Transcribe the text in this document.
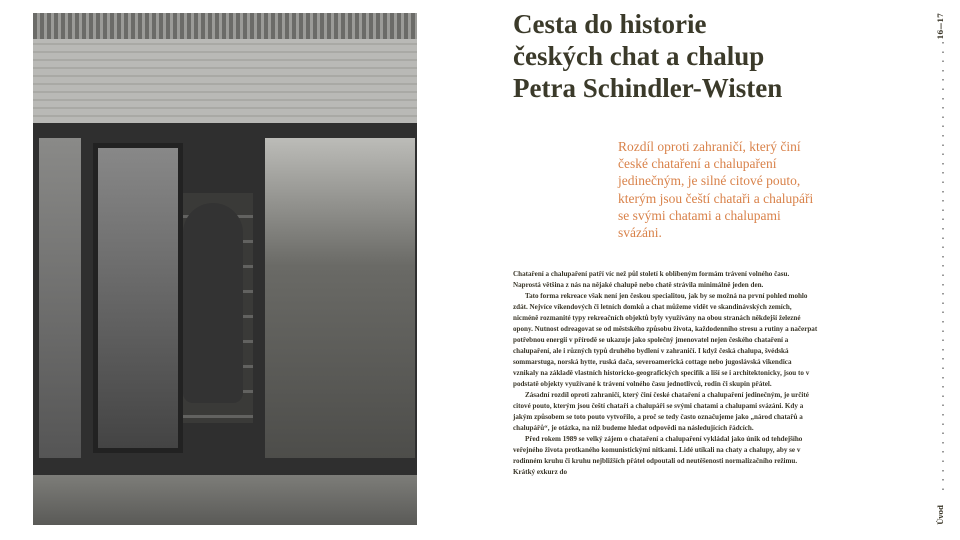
Cesta do historie
českých chat a chalup
Petra Schindler-Wisten
Rozdíl oproti zahraničí, který činí české chataření a chalupaření jedinečným, je silné citové pouto, kterým jsou čeští chataři a chalupáři se svými chatami a chalupami svázáni.

Chataření a chalupaření patří víc než půl století k oblíbeným formám trávení volného času. Naprostá většina z nás na nějaké chalupě nebo chatě strávila minimálně jeden den.

Tato forma rekreace však není jen českou specialitou, jak by se možná na první pohled mohlo zdát. Nejvíce víkendových či letních domků a chat můžeme vidět ve skandinávských zemích, nicméně rozmanité typy rekreačních objektů byly využívány na obou stranách někdejší železné opony. Nutnost odreagovat se od městského způsobu života, každodenního stresu a rutiny a načerpat potřebnou energii v přírodě se ukazuje jako společný jmenovatel nejen českého chataření a chalupaření, ale i různých typů druhého bydlení v zahraničí. I když česká chalupa, švédská sommarstuga, norská hytte, ruská dača, severoamerická cottage nebo jugoslávská vikendica vznikaly na základě vlastních historicko-geografických specifik a liší se i architektonicky, jsou to v podstatě objekty využívané k trávení volného času jednotlivců, rodin či skupin přátel.

Zásadní rozdíl oproti zahraničí, který činí české chataření a chalupaření jedinečným, je určité citové pouto, kterým jsou čeští chataři a chalupáři se svými chatami a chalupami svázáni. Kdy a jakým způsobem se toto pouto vytvořilo, a proč se tedy často označujeme jako „národ chatařů a chalupářů“, je otázka, na niž budeme hledat odpovědi na následujících řádcích.

Před rokem 1989 se velký zájem o chataření a chalupaření vykládal jako únik od tehdejšího veřejného života protkaného komunistickými nitkami. Lidé utíkali na chaty a chalupy, aby se v rodinném kruhu či kruhu nejbližších přátel odpoutali od neutěšenosti normalizačního režimu. Krátký exkurz do

16—17
Úvod
